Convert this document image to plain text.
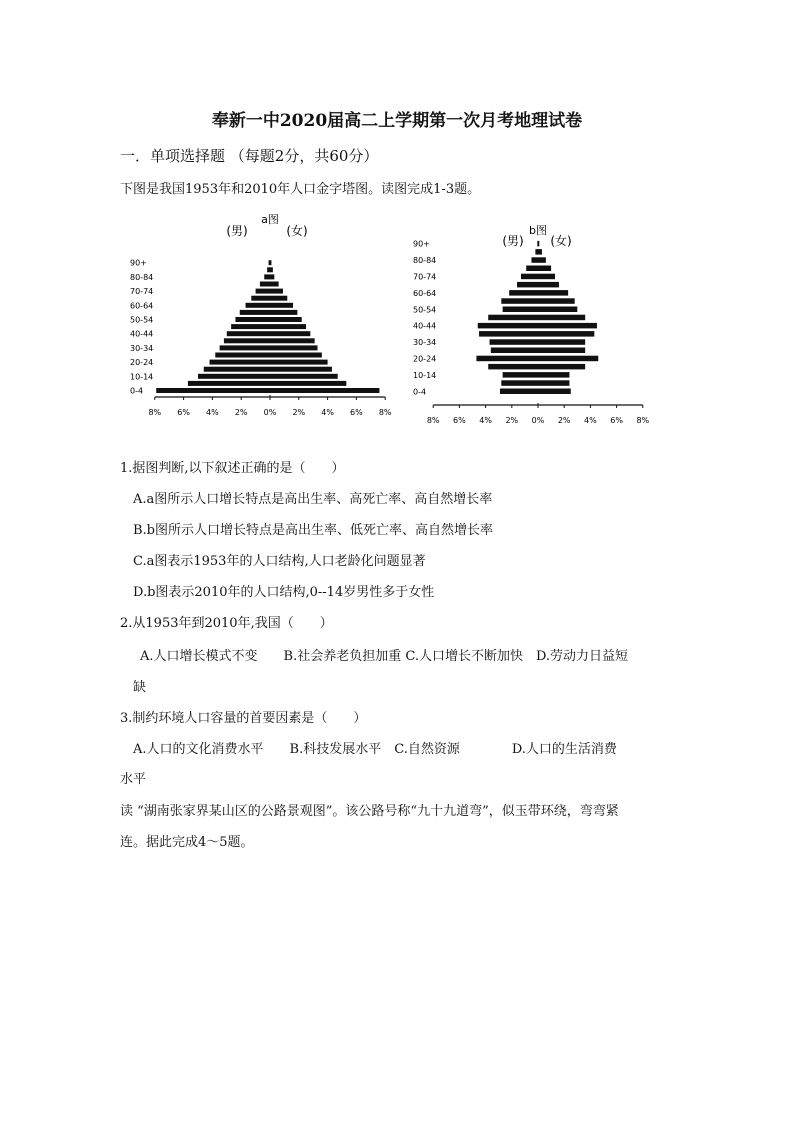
奉新一中2020届高二上学期第一次月考地理试卷
一．单项选择题 （每题2分，共60分）
下图是我国1953年和2010年人口金字塔图。读图完成1-3题。
a图
(男)	(女)
0-4
10-14
20-24
30-34
40-44
50-54
60-64
70-74
80-84
90+
8% 6% 4% 2% 0% 2% 4% 6% 8%
b图
(男) (女)
0-4
10-14
20-24
30-34
40-44
50-54
60-64
70-74
80-84
90+
8% 6% 4% 2% 0% 2% 4% 6% 8%
1.据图判断,以下叙述正确的是（　　）
A.a图所示人口增长特点是高出生率、高死亡率、高自然增长率
B.b图所示人口增长特点是高出生率、低死亡率、高自然增长率
C.a图表示1953年的人口结构,人口老龄化问题显著
D.b图表示2010年的人口结构,0--14岁男性多于女性
2.从1953年到2010年,我国（　　）
A.人口增长模式不变　　B.社会养老负担加重 C.人口增长不断加快　D.劳动力日益短
缺
3.制约环境人口容量的首要因素是（　　）
A.人口的文化消费水平　　B.科技发展水平　C.自然资源　　　　D.人口的生活消费
水平
读 “湖南张家界某山区的公路景观图”。该公路号称“九十九道弯”，似玉带环绕，弯弯紧
连。据此完成4～5题。
